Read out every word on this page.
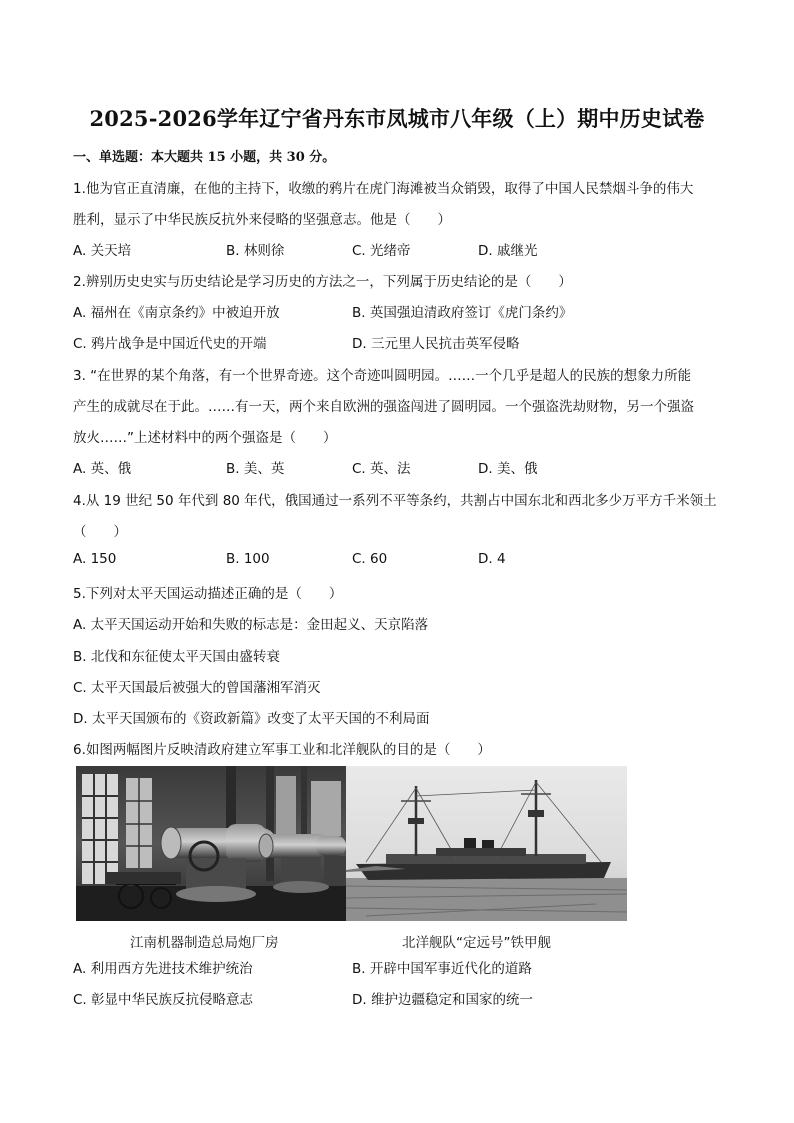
2025-2026学年辽宁省丹东市凤城市八年级（上）期中历史试卷
一、单选题：本大题共 15 小题，共 30 分。
1.他为官正直清廉，在他的主持下，收缴的鸦片在虎门海滩被当众销毁，取得了中国人民禁烟斗争的伟大
胜利，显示了中华民族反抗外来侵略的坚强意志。他是（　　）
A. 关天培	B. 林则徐	C. 光绪帝	D. 戚继光
2.辨别历史史实与历史结论是学习历史的方法之一，下列属于历史结论的是（　　）
A. 福州在《南京条约》中被迫开放	B. 英国强迫清政府签订《虎门条约》
C. 鸦片战争是中国近代史的开端	D. 三元里人民抗击英军侵略
3. “在世界的某个角落，有一个世界奇迹。这个奇迹叫圆明园。……一个几乎是超人的民族的想象力所能
产生的成就尽在于此。……有一天，两个来自欧洲的强盗闯进了圆明园。一个强盗洗劫财物，另一个强盗
放火……”上述材料中的两个强盗是（　　）
A. 英、俄	B. 美、英	C. 英、法	D. 美、俄
4.从 19 世纪 50 年代到 80 年代，俄国通过一系列不平等条约，共割占中国东北和西北多少万平方千米领土
（　　）
A. 150	B. 100	C. 60	D. 4
5.下列对太平天国运动描述正确的是（　　）
A. 太平天国运动开始和失败的标志是：金田起义、天京陷落
B. 北伐和东征使太平天国由盛转衰
C. 太平天国最后被强大的曾国藩湘军消灭
D. 太平天国颁布的《资政新篇》改变了太平天国的不利局面
6.如图两幅图片反映清政府建立军事工业和北洋舰队的目的是（　　）
江南机器制造总局炮厂房	北洋舰队“定远号”铁甲舰
A. 利用西方先进技术维护统治	B. 开辟中国军事近代化的道路
C. 彰显中华民族反抗侵略意志	D. 维护边疆稳定和国家的统一
